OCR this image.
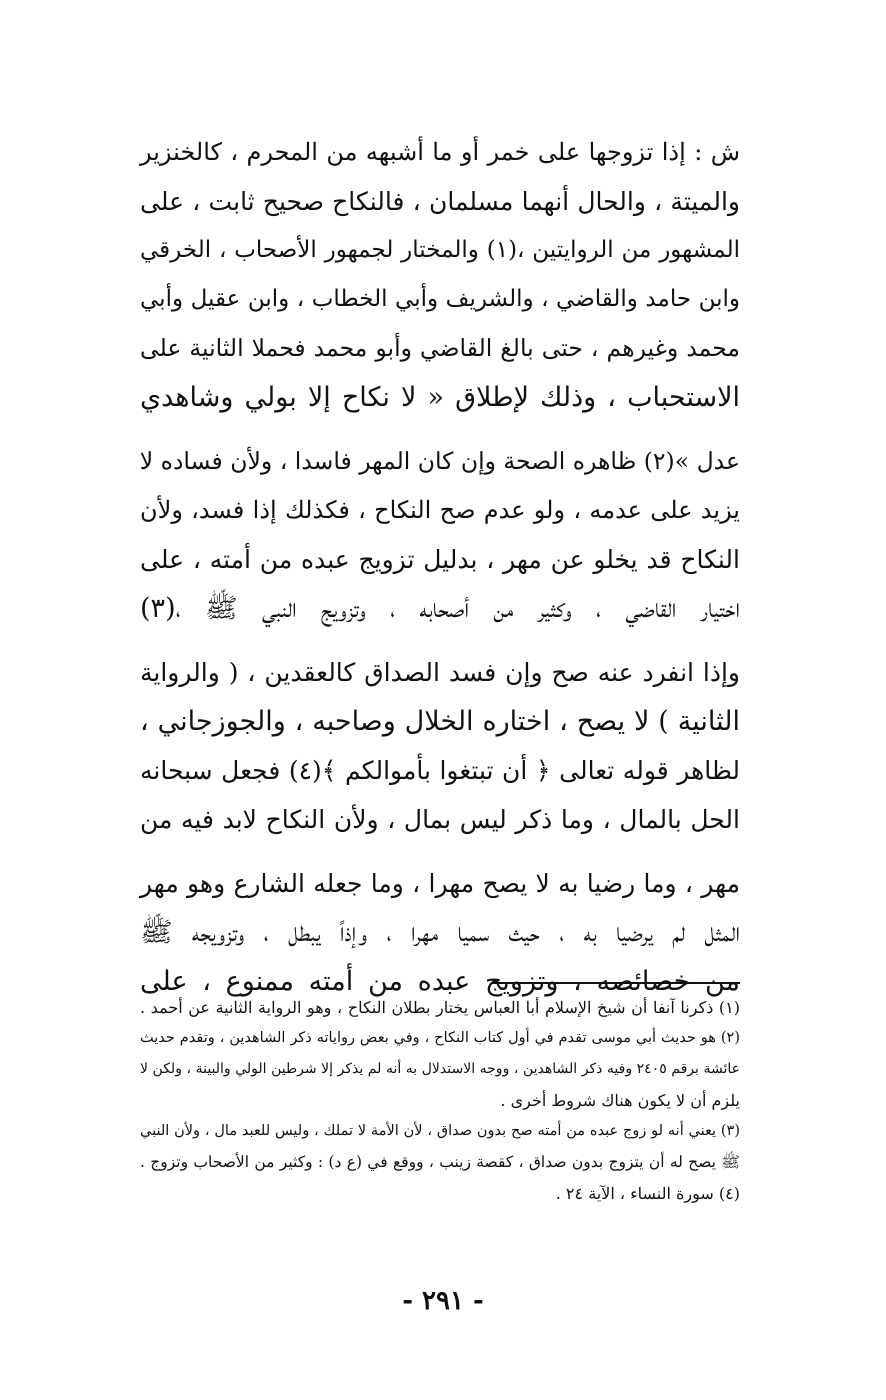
ش : إذا تزوجها على خمر أو ما أشبهه من المحرم ، كالخنزير
والميتة ، والحال أنهما مسلمان ، فالنكاح صحيح ثابت ، على
المشهور من الروايتين ،(١) والمختار لجمهور الأصحاب ، الخرقي
وابن حامد والقاضي ، والشريف وأبي الخطاب ، وابن عقيل وأبي
محمد وغيرهم ، حتى بالغ القاضي وأبو محمد فحملا الثانية على
الاستحباب ، وذلك لإطلاق « لا نكاح إلا بولي وشاهدي
عدل »(٢) ظاهره الصحة وإن كان المهر فاسدا ، ولأن فساده لا
يزيد على عدمه ، ولو عدم صح النكاح ، فكذلك إذا فسد، ولأن
النكاح قد يخلو عن مهر ، بدليل تزويج عبده من أمته ، على
اختيار القاضي ، وكثير من أصحابه ، وتزويج النبي ﷺ ،(٣)
وإذا انفرد عنه صح وإن فسد الصداق كالعقدين ، ( والرواية
الثانية ) لا يصح ، اختاره الخلال وصاحبه ، والجوزجاني ،
لظاهر قوله تعالى ﴿ أن تبتغوا بأموالكم ﴾(٤) فجعل سبحانه
الحل بالمال ، وما ذكر ليس بمال ، ولأن النكاح لابد فيه من
مهر ، وما رضيا به لا يصح مهرا ، وما جعله الشارع وهو مهر
المثل لم يرضيا به ، حيث سميا مهرا ، وإذاً يبطل ، وتزويجه ﷺ
من خصائصه ، وتزويج عبده من أمته ممنوع ، على
(١) ذكرنا آنفا أن شيخ الإسلام أبا العباس يختار بطلان النكاح ، وهو الرواية الثانية عن أحمد .
(٢) هو حديث أبي موسى تقدم في أول كتاب النكاح ، وفي بعض رواياته ذكر الشاهدين ، وتقدم حديث
عائشة برقم ٢٤٠٥ وفيه ذكر الشاهدين ، ووجه الاستدلال به أنه لم يذكر إلا شرطين الولي والبينة ، ولكن لا
يلزم أن لا يكون هناك شروط أخرى .
(٣) يعني أنه لو زوج عبده من أمته صح بدون صداق ، لأن الأمة لا تملك ، وليس للعبد مال ، ولأن النبي
ﷺ يصح له أن يتزوج بدون صداق ، كقصة زينب ، ووقع في (ع د) : وكثير من الأصحاب وتزوج .
(٤) سورة النساء ، الآية ٢٤ .
- ٢٩١ -
